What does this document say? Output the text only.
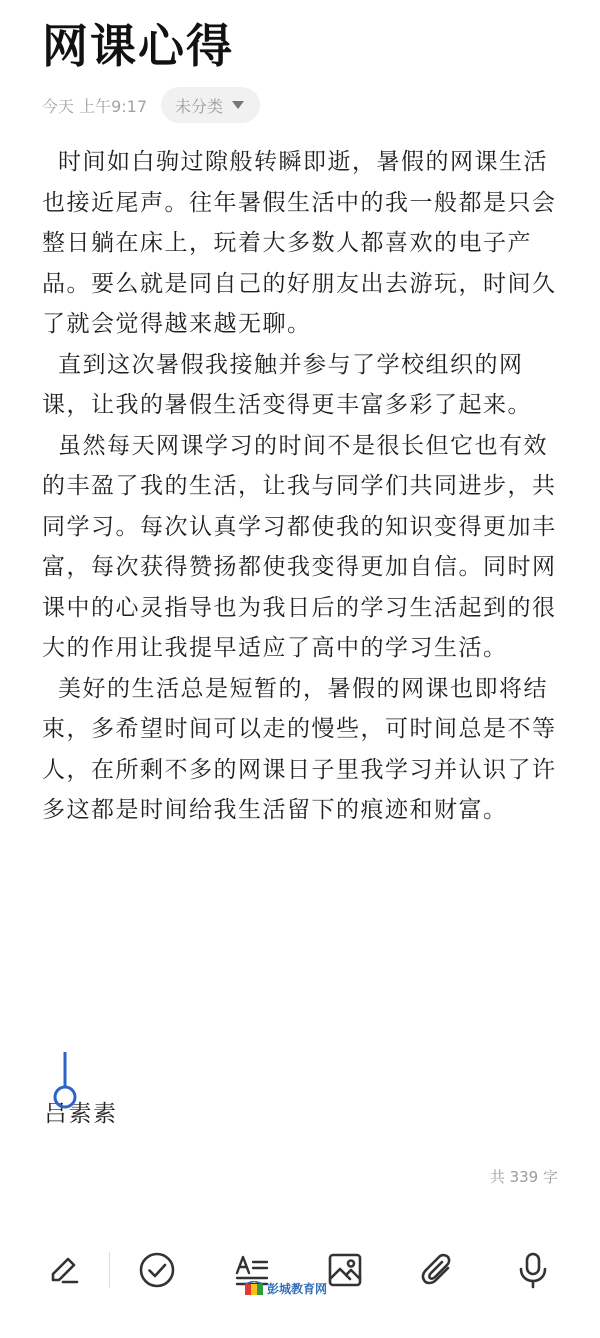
网课心得
今天 上午9:17 未分类

时间如白驹过隙般转瞬即逝，暑假的网课生活也接近尾声。往年暑假生活中的我一般都是只会整日躺在床上，玩着大多数人都喜欢的电子产品。要么就是同自己的好朋友出去游玩，时间久了就会觉得越来越无聊。

直到这次暑假我接触并参与了学校组织的网课，让我的暑假生活变得更丰富多彩了起来。

虽然每天网课学习的时间不是很长但它也有效的丰盈了我的生活，让我与同学们共同进步，共同学习。每次认真学习都使我的知识变得更加丰富，每次获得赞扬都使我变得更加自信。同时网课中的心灵指导也为我日后的学习生活起到的很大的作用让我提早适应了高中的学习生活。

美好的生活总是短暂的，暑假的网课也即将结束，多希望时间可以走的慢些，可时间总是不等人，在所剩不多的网课日子里我学习并认识了许多这都是时间给我生活留下的痕迹和财富。

吕素素
共 339 字
彭城教育网
